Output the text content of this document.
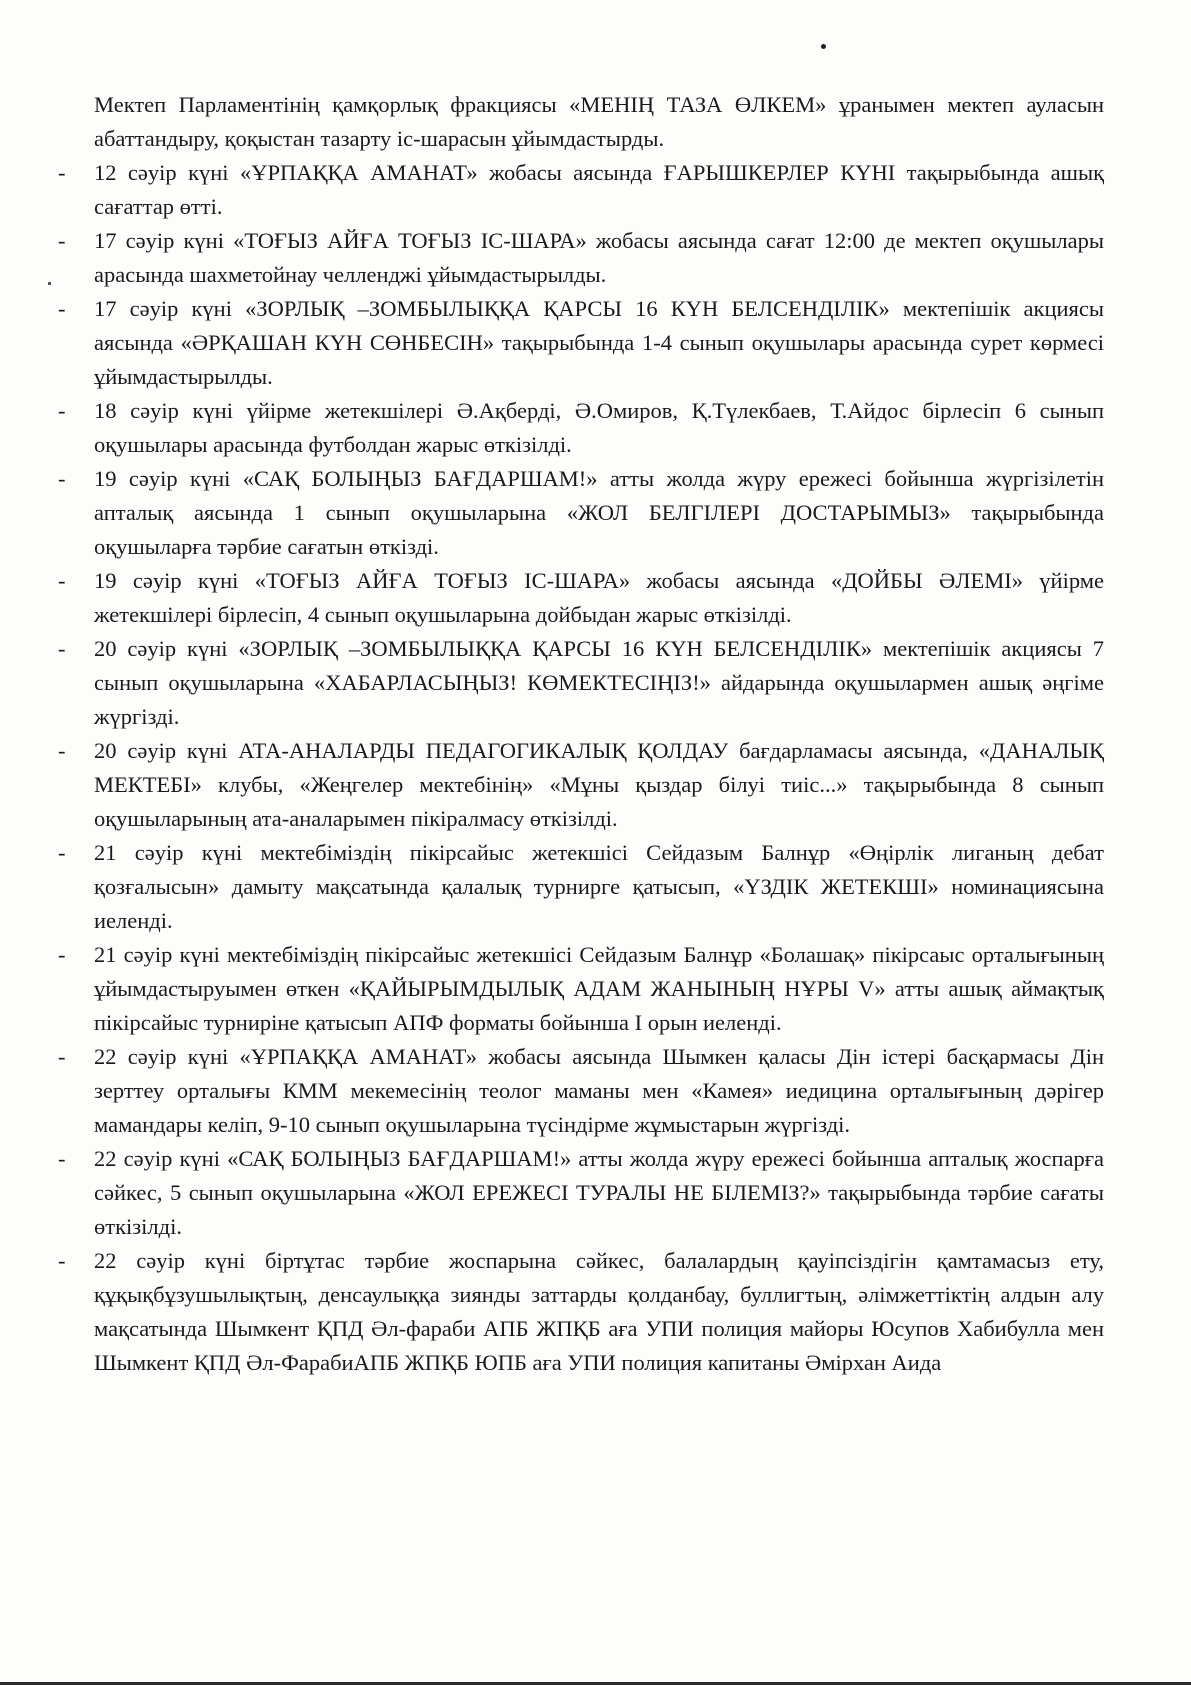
Мектеп Парламентінің қамқорлық фракциясы «МЕНІҢ ТАЗА ӨЛКЕМ» ұранымен мектеп ауласын абаттандыру, қоқыстан тазарту іс-шарасын ұйымдастырды.

-	12 сәуір күні «ҰРПАҚҚА АМАНАТ» жобасы аясында ҒАРЫШКЕРЛЕР КҮНІ тақырыбында ашық сағаттар өтті.
-	17 сәуір күні «ТОҒЫЗ АЙҒА ТОҒЫЗ ІС-ШАРА» жобасы аясында сағат 12:00 де мектеп оқушылары арасында шахметойнау челленджі ұйымдастырылды.
-	17 сәуір күні «ЗОРЛЫҚ –ЗОМБЫЛЫҚҚА ҚАРСЫ 16 КҮН БЕЛСЕНДІЛІК» мектепішік акциясы аясында «ӘРҚАШАН КҮН СӨНБЕСІН» тақырыбында 1-4 сынып оқушылары арасында сурет көрмесі ұйымдастырылды.
-	18 сәуір күні үйірме жетекшілері Ә.Ақберді, Ә.Омиров, Қ.Түлекбаев, Т.Айдос бірлесіп 6 сынып оқушылары арасында футболдан жарыс өткізілді.
-	19 сәуір күні «САҚ БОЛЫҢЫЗ БАҒДАРШАМ!» атты жолда жүру ережесі бойынша жүргізілетін апталық аясында 1 сынып оқушыларына «ЖОЛ БЕЛГІЛЕРІ ДОСТАРЫМЫЗ» тақырыбында оқушыларға тәрбие сағатын өткізді.
-	19 сәуір күні «ТОҒЫЗ АЙҒА ТОҒЫЗ ІС-ШАРА» жобасы аясында «ДОЙБЫ ӘЛЕМІ» үйірме жетекшілері бірлесіп, 4 сынып оқушыларына дойбыдан жарыс өткізілді.
-	20 сәуір күні «ЗОРЛЫҚ –ЗОМБЫЛЫҚҚА ҚАРСЫ 16 КҮН БЕЛСЕНДІЛІК» мектепішік акциясы 7 сынып оқушыларына «ХАБАРЛАСЫҢЫЗ! КӨМЕКТЕСІҢІЗ!» айдарында оқушылармен ашық әңгіме жүргізді.
-	20 сәуір күні АТА-АНАЛАРДЫ ПЕДАГОГИКАЛЫҚ ҚОЛДАУ бағдарламасы аясында, «ДАНАЛЫҚ МЕКТЕБІ» клубы, «Жеңгелер мектебінің» «Мұны қыздар білуі тиіс...» тақырыбында 8 сынып оқушыларының ата-аналарымен пікіралмасу өткізілді.
-	21 сәуір күні мектебіміздің пікірсайыс жетекшісі Сейдазым Балнұр «Өңірлік лиганың дебат қозғалысын» дамыту мақсатында қалалық турнирге қатысып, «ҮЗДІК ЖЕТЕКШІ» номинациясына иеленді.
-	21 сәуір күні мектебіміздің пікірсайыс жетекшісі Сейдазым Балнұр «Болашақ» пікірсаыс орталығының ұйымдастыруымен өткен «ҚАЙЫРЫМДЫЛЫҚ АДАМ ЖАНЫНЫҢ НҰРЫ V» атты ашық аймақтық пікірсайыс турниріне қатысып АПФ форматы бойынша І орын иеленді.
-	22 сәуір күні «ҰРПАҚҚА АМАНАТ» жобасы аясында Шымкен қаласы Дін істері басқармасы Дін зерттеу орталығы КММ мекемесінің теолог маманы мен «Камея» иедицина орталығының дәрігер мамандары келіп, 9-10 сынып оқушыларына түсіндірме жұмыстарын жүргізді.
-	22 сәуір күні «САҚ БОЛЫҢЫЗ БАҒДАРШАМ!» атты жолда жүру ережесі бойынша апталық жоспарға сәйкес, 5 сынып оқушыларына «ЖОЛ ЕРЕЖЕСІ ТУРАЛЫ НЕ БІЛЕМІЗ?» тақырыбында тәрбие сағаты өткізілді.
-	22 сәуір күні біртұтас тәрбие жоспарына сәйкес, балалардың қауіпсіздігін қамтамасыз ету, құқықбұзушылықтың, денсаулыққа зиянды заттарды қолданбау, буллигтың, әлімжеттіктің алдын алу мақсатында Шымкент ҚПД Әл-фараби АПБ ЖПҚБ аға УПИ полиция майоры Юсупов Хабибулла мен Шымкент ҚПД Әл-ФарабиАПБ ЖПҚБ ЮПБ аға УПИ полиция капитаны Әмірхан Аида
